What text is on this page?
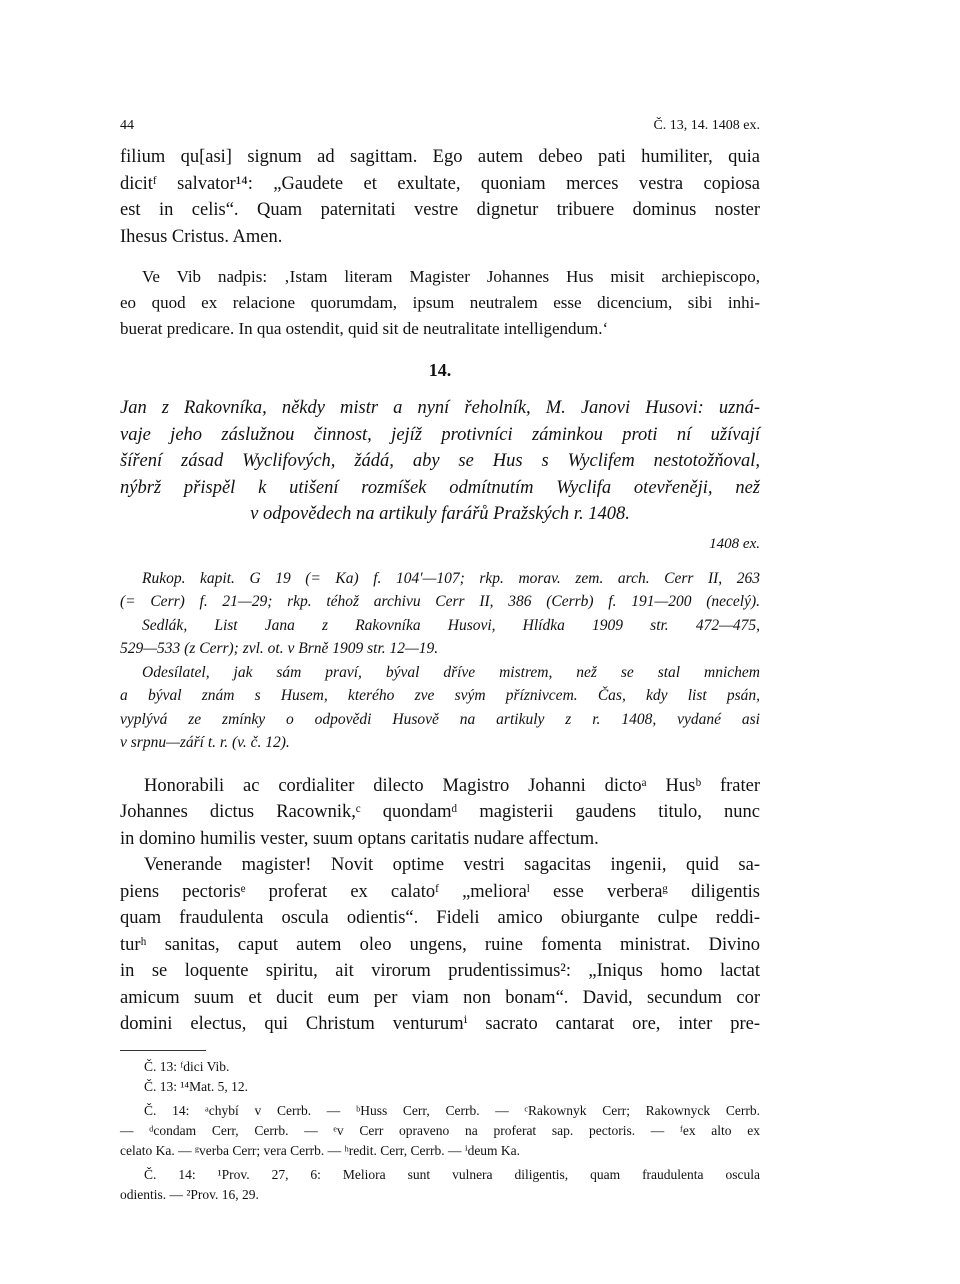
44	Č. 13, 14. 1408 ex.
filium qu[asi] signum ad sagittam. Ego autem debeo pati humiliter, quia
dicitᶠ salvator¹⁴: „Gaudete et exultate, quoniam merces vestra copiosa
est in celis“. Quam paternitati vestre dignetur tribuere dominus noster
Ihesus Cristus. Amen.
Ve Vib nadpis: ‚Istam literam Magister Johannes Hus misit archiepiscopo,
eo quod ex relacione quorumdam, ipsum neutralem esse dicencium, sibi inhi-
buerat predicare. In qua ostendit, quid sit de neutralitate intelligendum.‘
14.
Jan z Rakovníka, někdy mistr a nyní řeholník, M. Janovi Husovi: uzná-
vaje jeho záslužnou činnost, jejíž protivníci záminkou proti ní užívají
šíření zásad Wyclifových, žádá, aby se Hus s Wyclifem nestotožňoval,
nýbrž přispěl k utišení rozmíšek odmítnutím Wyclifa otevřeněji, než
v odpovědech na artikuly farářů Pražských r. 1408.
1408 ex.
Rukop. kapit. G 19 (= Ka) f. 104′—107; rkp. morav. zem. arch. Cerr II, 263
(= Cerr) f. 21—29; rkp. téhož archivu Cerr II, 386 (Cerrb) f. 191—200 (necelý).
Sedlák, List Jana z Rakovníka Husovi, Hlídka 1909 str. 472—475,
529—533 (z Cerr); zvl. ot. v Brně 1909 str. 12—19.
Odesílatel, jak sám praví, býval dříve mistrem, než se stal mnichem
a býval znám s Husem, kterého zve svým příznivcem. Čas, kdy list psán,
vyplývá ze zmínky o odpovědi Husově na artikuly z r. 1408, vydané asi
v srpnu—září t. r. (v. č. 12).
Honorabili ac cordialiter dilecto Magistro Johanni dictoᵃ Husᵇ frater
Johannes dictus Racownik,ᶜ quondamᵈ magisterii gaudens titulo, nunc
in domino humilis vester, suum optans caritatis nudare affectum.
Venerande magister! Novit optime vestri sagacitas ingenii, quid sa-
piens pectorisᵉ proferat ex calatoᶠ „melioraˡ esse verberaᵍ diligentis
quam fraudulenta oscula odientis“. Fideli amico obiurgante culpe reddi-
turʰ sanitas, caput autem oleo ungens, ruine fomenta ministrat. Divino
in se loquente spiritu, ait virorum prudentissimus²: „Iniqus homo lactat
amicum suum et ducit eum per viam non bonam“. David, secundum cor
domini electus, qui Christum venturumⁱ sacrato cantarat ore, inter pre-
Č. 13: ᶠdici Vib.
Č. 13: ¹⁴Mat. 5, 12.
Č. 14: ᵃchybí v Cerrb. — ᵇHuss Cerr, Cerrb. — ᶜRakownyk Cerr; Rakownyck Cerrb.
— ᵈcondam Cerr, Cerrb. — ᵉv Cerr opraveno na proferat sap. pectoris. — ᶠex alto ex
celato Ka. — ᵍverba Cerr; vera Cerrb. — ʰredit. Cerr, Cerrb. — ⁱdeum Ka.
Č. 14: ¹Prov. 27, 6: Meliora sunt vulnera diligentis, quam fraudulenta oscula
odientis. — ²Prov. 16, 29.
